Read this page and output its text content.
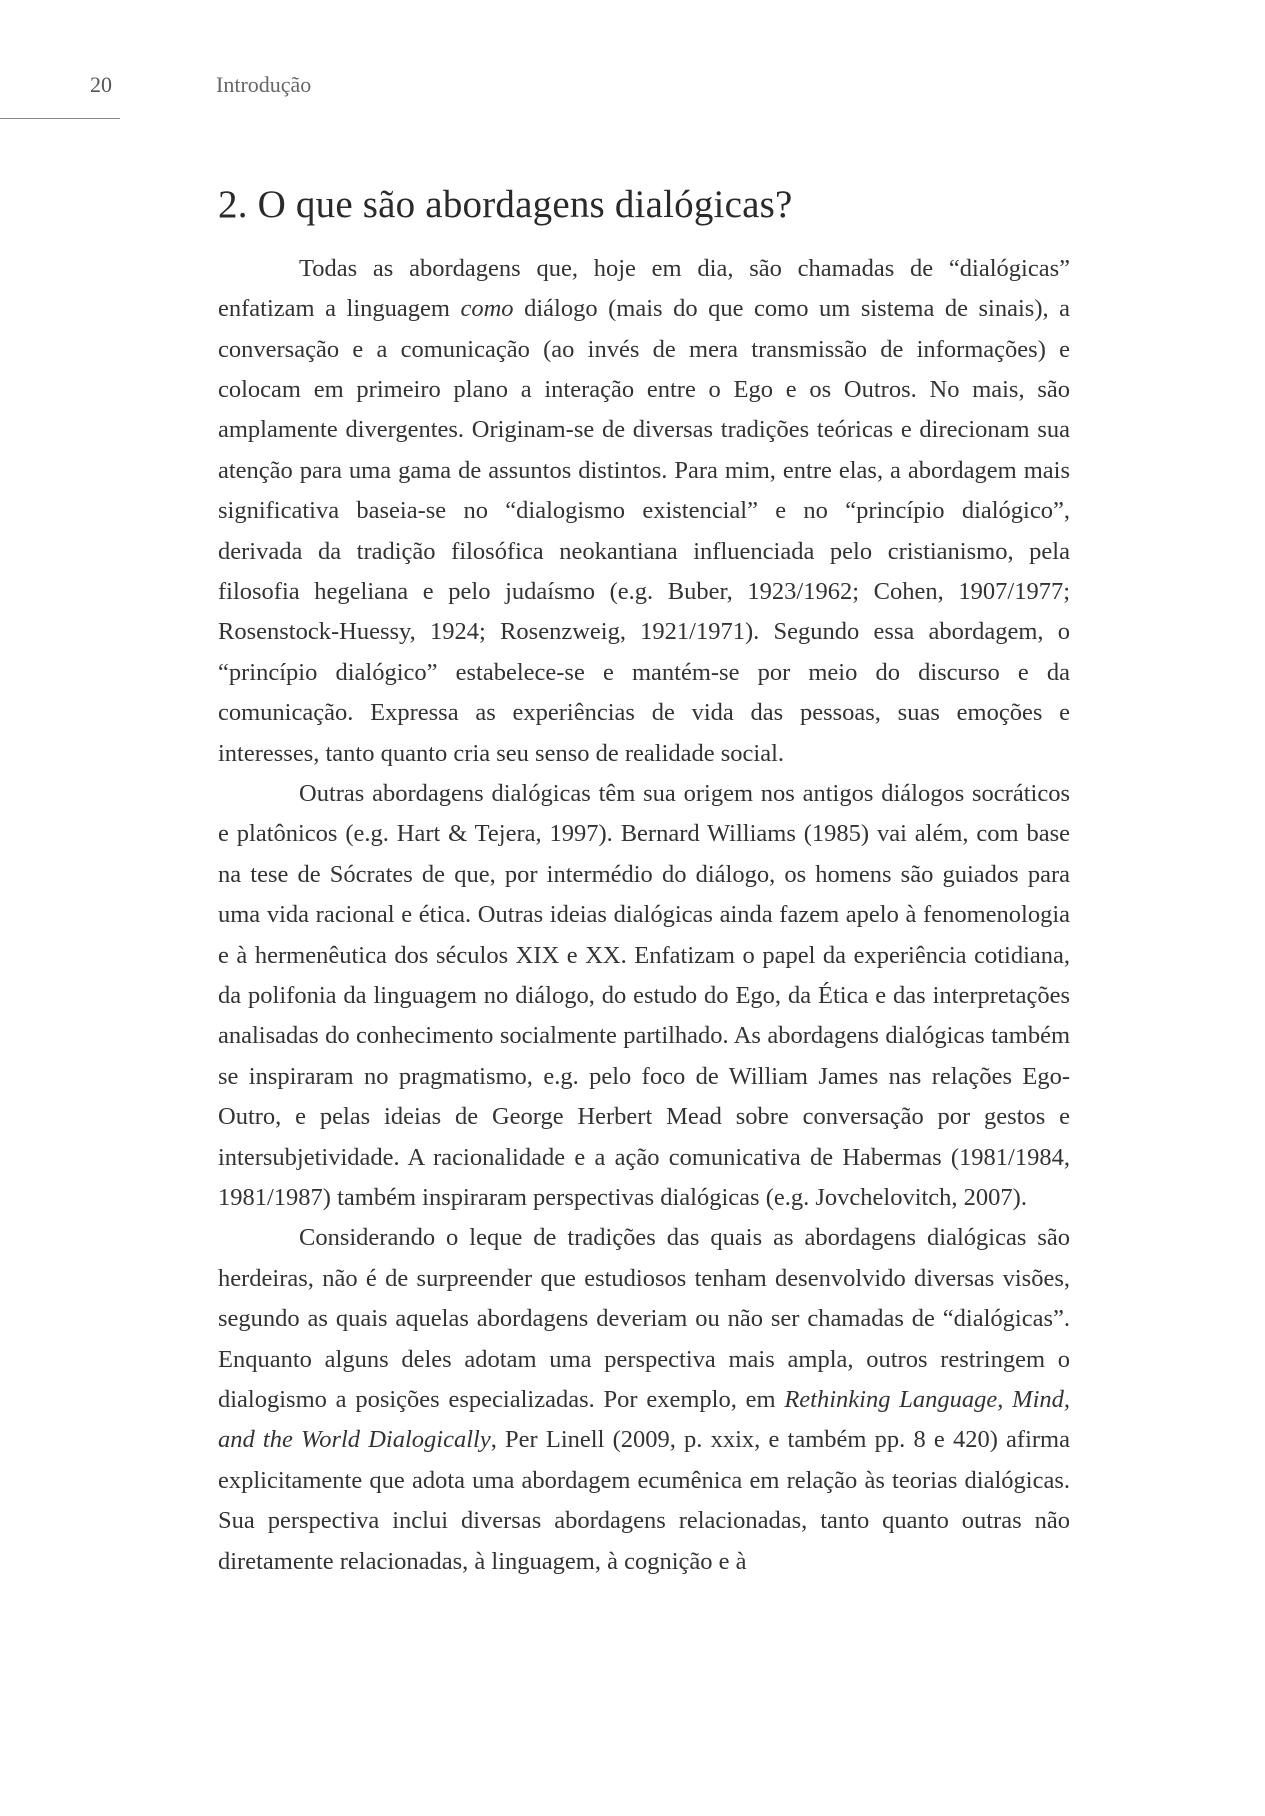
20	Introdução
2. O que são abordagens dialógicas?

Todas as abordagens que, hoje em dia, são chamadas de “dialógicas” enfatizam a linguagem como diálogo (mais do que como um sistema de sinais), a conversação e a comunicação (ao invés de mera transmissão de informações) e colocam em primeiro plano a interação entre o Ego e os Outros. No mais, são amplamente divergentes. Originam-se de diversas tradições teóricas e direcionam sua atenção para uma gama de assuntos distintos. Para mim, entre elas, a abordagem mais significativa baseia-se no “dialogismo existencial” e no “princípio dialógico”, derivada da tradição filosófica neokantiana influenciada pelo cristianismo, pela filosofia hegeliana e pelo judaísmo (e.g. Buber, 1923/1962; Cohen, 1907/1977; Rosenstock-Huessy, 1924; Rosenzweig, 1921/1971). Segundo essa abordagem, o “princípio dialógico” estabelece-se e mantém-se por meio do discurso e da comunicação. Expressa as experiências de vida das pessoas, suas emoções e interesses, tanto quanto cria seu senso de realidade social.

Outras abordagens dialógicas têm sua origem nos antigos diálogos socráticos e platônicos (e.g. Hart & Tejera, 1997). Bernard Williams (1985) vai além, com base na tese de Sócrates de que, por intermédio do diálogo, os homens são guiados para uma vida racional e ética. Outras ideias dialógicas ainda fazem apelo à fenomenologia e à hermenêutica dos séculos XIX e XX. Enfatizam o papel da experiência cotidiana, da polifonia da linguagem no diálogo, do estudo do Ego, da Ética e das interpretações analisadas do conhecimento socialmente partilhado. As abordagens dialógicas também se inspiraram no pragmatismo, e.g. pelo foco de William James nas relações Ego-Outro, e pelas ideias de George Herbert Mead sobre conversação por gestos e intersubjetividade. A racionalidade e a ação comunicativa de Habermas (1981/1984, 1981/1987) também inspiraram perspectivas dialógicas (e.g. Jovchelovitch, 2007).

Considerando o leque de tradições das quais as abordagens dialógicas são herdeiras, não é de surpreender que estudiosos tenham desenvolvido diversas visões, segundo as quais aquelas abordagens deveriam ou não ser chamadas de “dialógicas”. Enquanto alguns deles adotam uma perspectiva mais ampla, outros restringem o dialogismo a posições especializadas. Por exemplo, em Rethinking Language, Mind, and the World Dialogically, Per Linell (2009, p. xxix, e também pp. 8 e 420) afirma explicitamente que adota uma abordagem ecumênica em relação às teorias dialógicas. Sua perspectiva inclui diversas abordagens relacionadas, tanto quanto outras não diretamente relacionadas, à linguagem, à cognição e à
